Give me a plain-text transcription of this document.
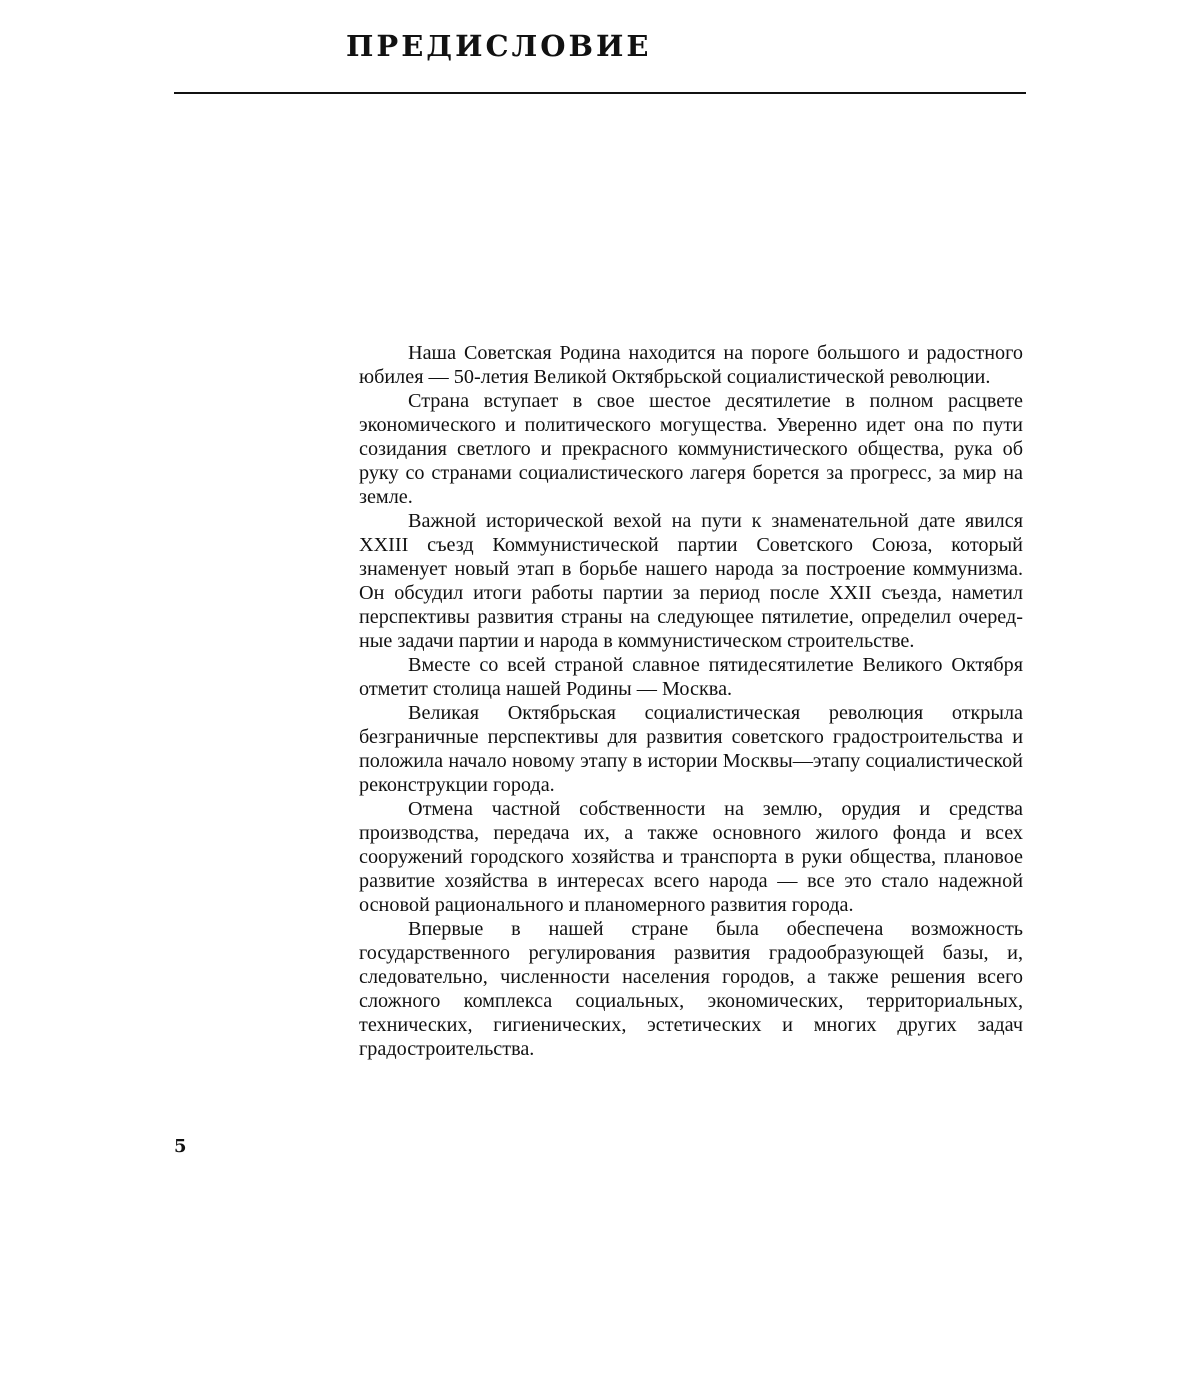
ПРЕДИСЛОВИЕ

Наша Советская Родина находится на пороге большого и радостного юбилея — 50-летия Великой Октябрьской социалистической революции.

Страна вступает в свое шестое десятилетие в полном расцвете экономического и политического могущества. Уверенно идет она по пути созидания светлого и прекрасного коммунистического общества, рука об руку со странами социалистического лагеря борется за прогресс, за мир на земле.

Важной исторической вехой на пути к знаменательной дате явился XXIII съезд Коммунистической партии Советского Союза, который знаменует новый этап в борьбе нашего народа за построение коммунизма. Он обсудил итоги работы партии за период после XXII съезда, наметил перспективы развития страны на следующее пятилетие, определил очередные задачи партии и народа в коммунистическом строительстве.

Вместе со всей страной славное пятидесятилетие Великого Октября отметит столица нашей Родины — Москва.

Великая Октябрьская социалистическая революция открыла безграничные перспективы для развития советского градостроительства и положила начало новому этапу в истории Москвы—этапу социалистической реконструкции города.

Отмена частной собственности на землю, орудия и средства производства, передача их, а также основного жилого фонда и всех сооружений городского хозяйства и транспорта в руки общества, плановое развитие хозяйства в интересах всего народа — все это стало надежной основой рационального и планомерного развития города.

Впервые в нашей стране была обеспечена возможность государственного регулирования развития градообразующей базы, и, следовательно, численности населения городов, а также решения всего сложного комплекса социальных, экономических, территориальных, технических, гигиенических, эстетических и многих других задач градостроительства.

5
